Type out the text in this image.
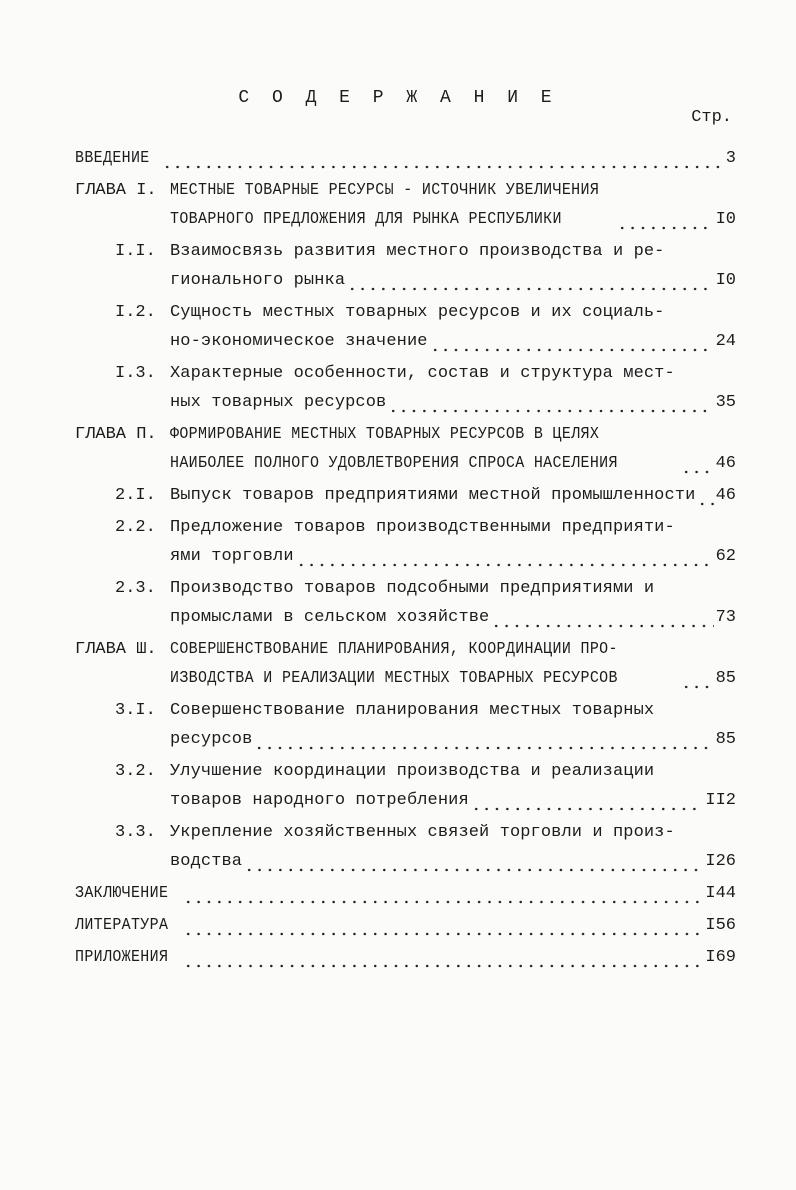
С О Д Е Р Ж А Н И Е
Стр.
ВВЕДЕНИЕ	3
ГЛАВА I. МЕСТНЫЕ ТОВАРНЫЕ РЕСУРСЫ - ИСТОЧНИК УВЕЛИЧЕНИЯ
ТОВАРНОГО ПРЕДЛОЖЕНИЯ ДЛЯ РЫНКА РЕСПУБЛИКИ	I0
I.I. Взаимосвязь развития местного производства и ре-
гионального рынка	I0
I.2. Сущность местных товарных ресурсов и их социаль-
но-экономическое значение	24
I.3. Характерные особенности, состав и структура мест-
ных товарных ресурсов	35
ГЛАВА П. ФОРМИРОВАНИЕ МЕСТНЫХ ТОВАРНЫХ РЕСУРСОВ В ЦЕЛЯХ
НАИБОЛЕЕ ПОЛНОГО УДОВЛЕТВОРЕНИЯ СПРОСА НАСЕЛЕНИЯ	46
2.I. Выпуск товаров предприятиями местной промышленности 46
2.2. Предложение товаров производственными предприяти-
ями торговли	62
2.3. Производство товаров подсобными предприятиями и
промыслами в сельском хозяйстве	73
ГЛАВА Ш. СОВЕРШЕНСТВОВАНИЕ ПЛАНИРОВАНИЯ, КООРДИНАЦИИ ПРО-
ИЗВОДСТВА И РЕАЛИЗАЦИИ МЕСТНЫХ ТОВАРНЫХ РЕСУРСОВ	85
3.I. Совершенствование планирования местных товарных
ресурсов	85
3.2. Улучшение координации производства и реализации
товаров народного потребления	II2
3.3. Укрепление хозяйственных связей торговли и произ-
водства	I26
ЗАКЛЮЧЕНИЕ	I44
ЛИТЕРАТУРА	I56
ПРИЛОЖЕНИЯ	I69
